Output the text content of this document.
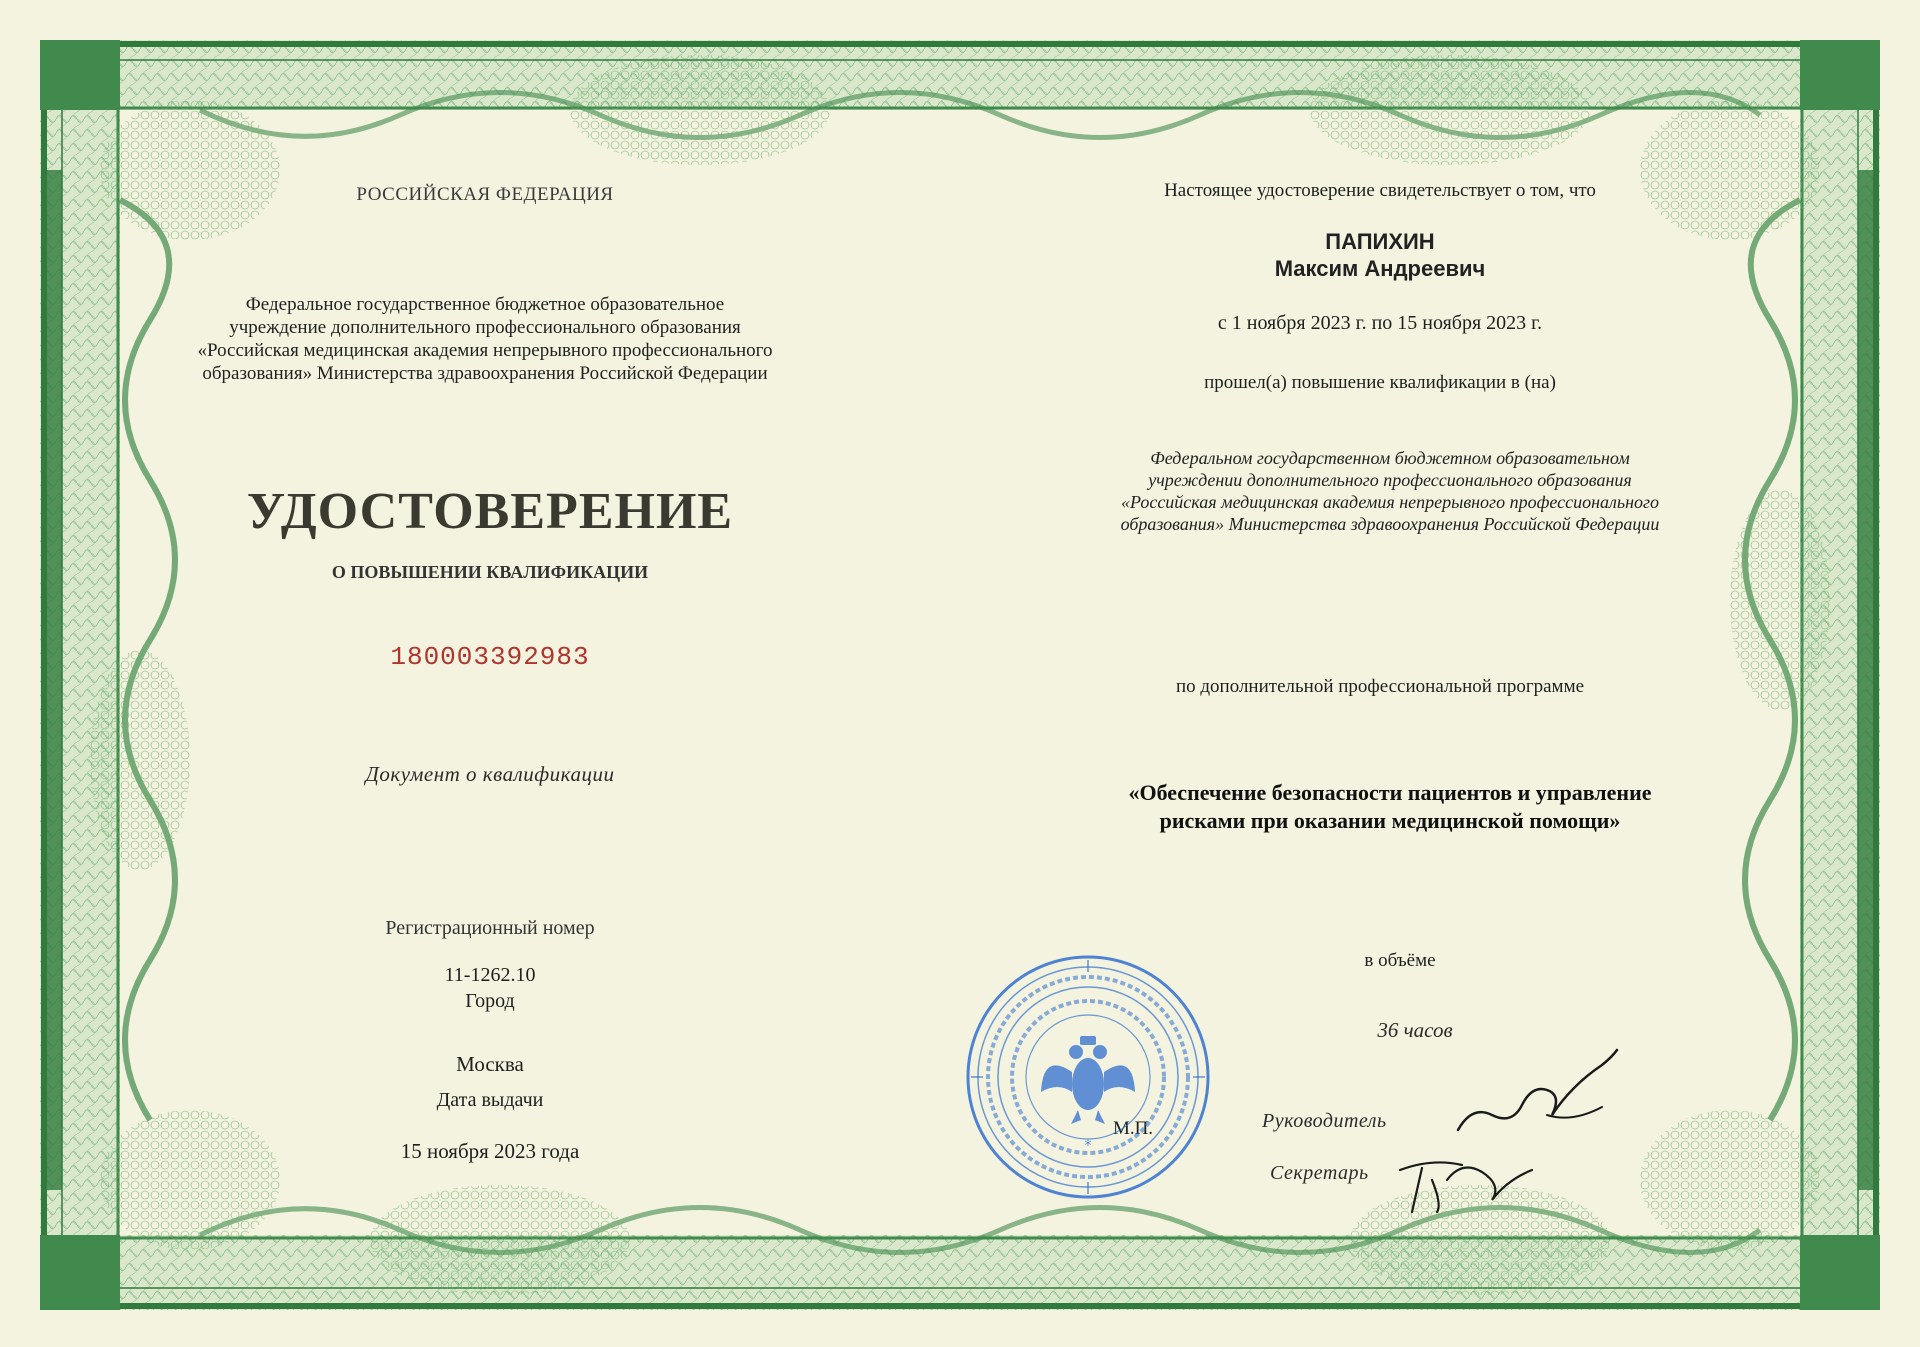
РОССИЙСКАЯ ФЕДЕРАЦИЯ
Федеральное государственное бюджетное образовательное
учреждение дополнительного профессионального образования
«Российская медицинская академия непрерывного профессионального
образования» Министерства здравоохранения Российской Федерации
УДОСТОВЕРЕНИЕ
О ПОВЫШЕНИИ КВАЛИФИКАЦИИ
180003392983
Документ о квалификации
Регистрационный номер
11-1262.10
Город
Москва
Дата выдачи
15 ноября 2023 года
Настоящее удостоверение свидетельствует о том, что
ПАПИХИН
Максим Андреевич
с 1 ноября 2023 г. по 15 ноября 2023 г.
прошел(а) повышение квалификации в (на)
Федеральном государственном бюджетном образовательном
учреждении дополнительного профессионального образования
«Российская медицинская академия непрерывного профессионального
образования» Министерства здравоохранения Российской Федерации
по дополнительной профессиональной программе
«Обеспечение безопасности пациентов и управление
рисками при оказании медицинской помощи»
в объёме
36 часов
Руководитель
Секретарь
М.П.
*
